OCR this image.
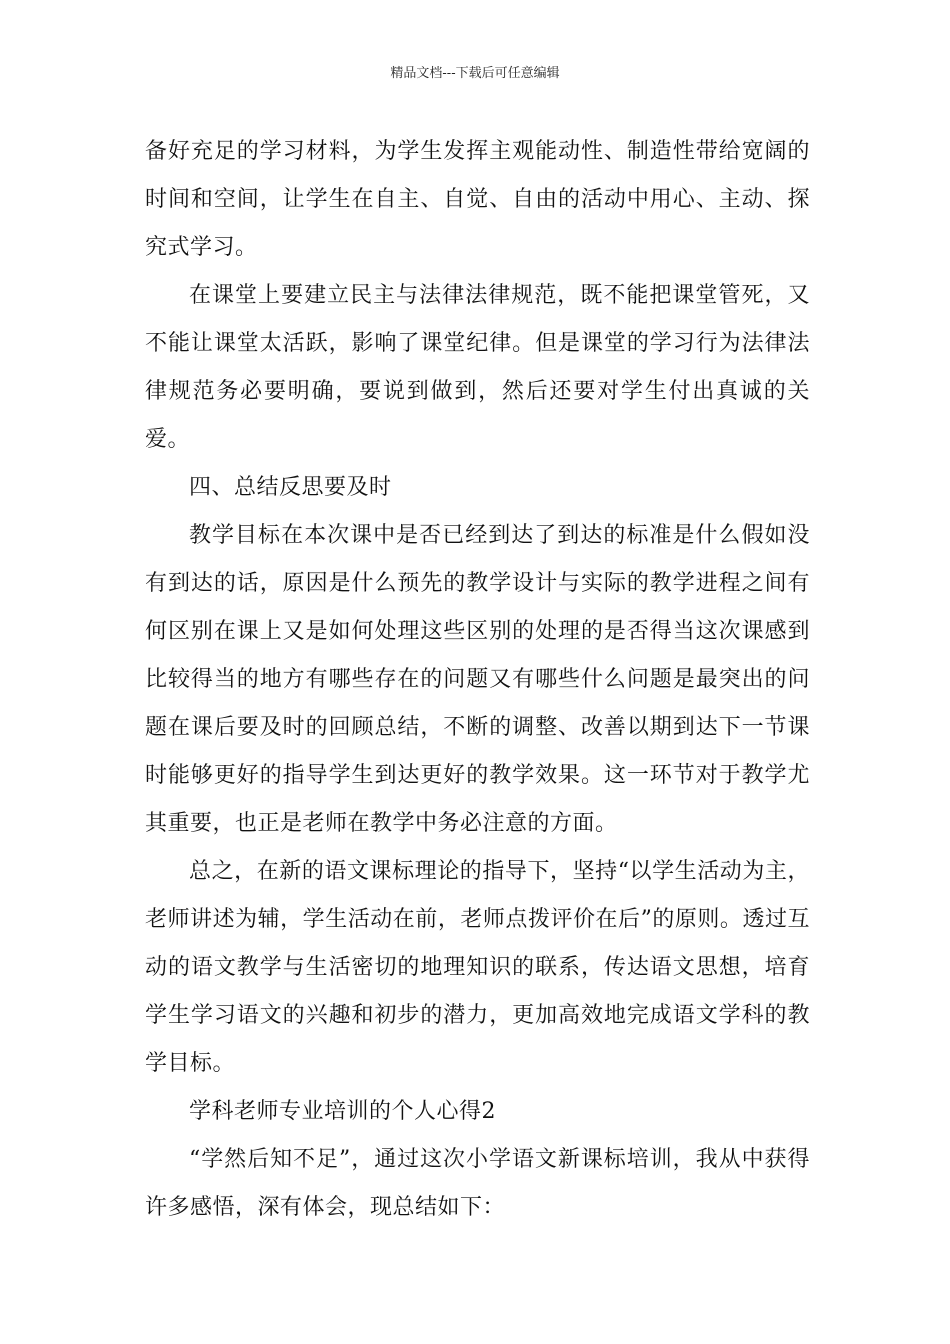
精品文档---下载后可任意编辑

备好充足的学习材料，为学生发挥主观能动性、制造性带给宽阔的时间和空间，让学生在自主、自觉、自由的活动中用心、主动、探究式学习。

在课堂上要建立民主与法律法律规范，既不能把课堂管死，又不能让课堂太活跃，影响了课堂纪律。但是课堂的学习行为法律法律规范务必要明确，要说到做到，然后还要对学生付出真诚的关爱。

四、总结反思要及时

教学目标在本次课中是否已经到达了到达的标准是什么假如没有到达的话，原因是什么预先的教学设计与实际的教学进程之间有何区别在课上又是如何处理这些区别的处理的是否得当这次课感到比较得当的地方有哪些存在的问题又有哪些什么问题是最突出的问题在课后要及时的回顾总结，不断的调整、改善以期到达下一节课时能够更好的指导学生到达更好的教学效果。这一环节对于教学尤其重要，也正是老师在教学中务必注意的方面。

总之，在新的语文课标理论的指导下，坚持“以学生活动为主，老师讲述为辅，学生活动在前，老师点拨评价在后”的原则。透过互动的语文教学与生活密切的地理知识的联系，传达语文思想，培育学生学习语文的兴趣和初步的潜力，更加高效地完成语文学科的教学目标。

学科老师专业培训的个人心得2

“学然后知不足”，通过这次小学语文新课标培训，我从中获得许多感悟，深有体会，现总结如下：
